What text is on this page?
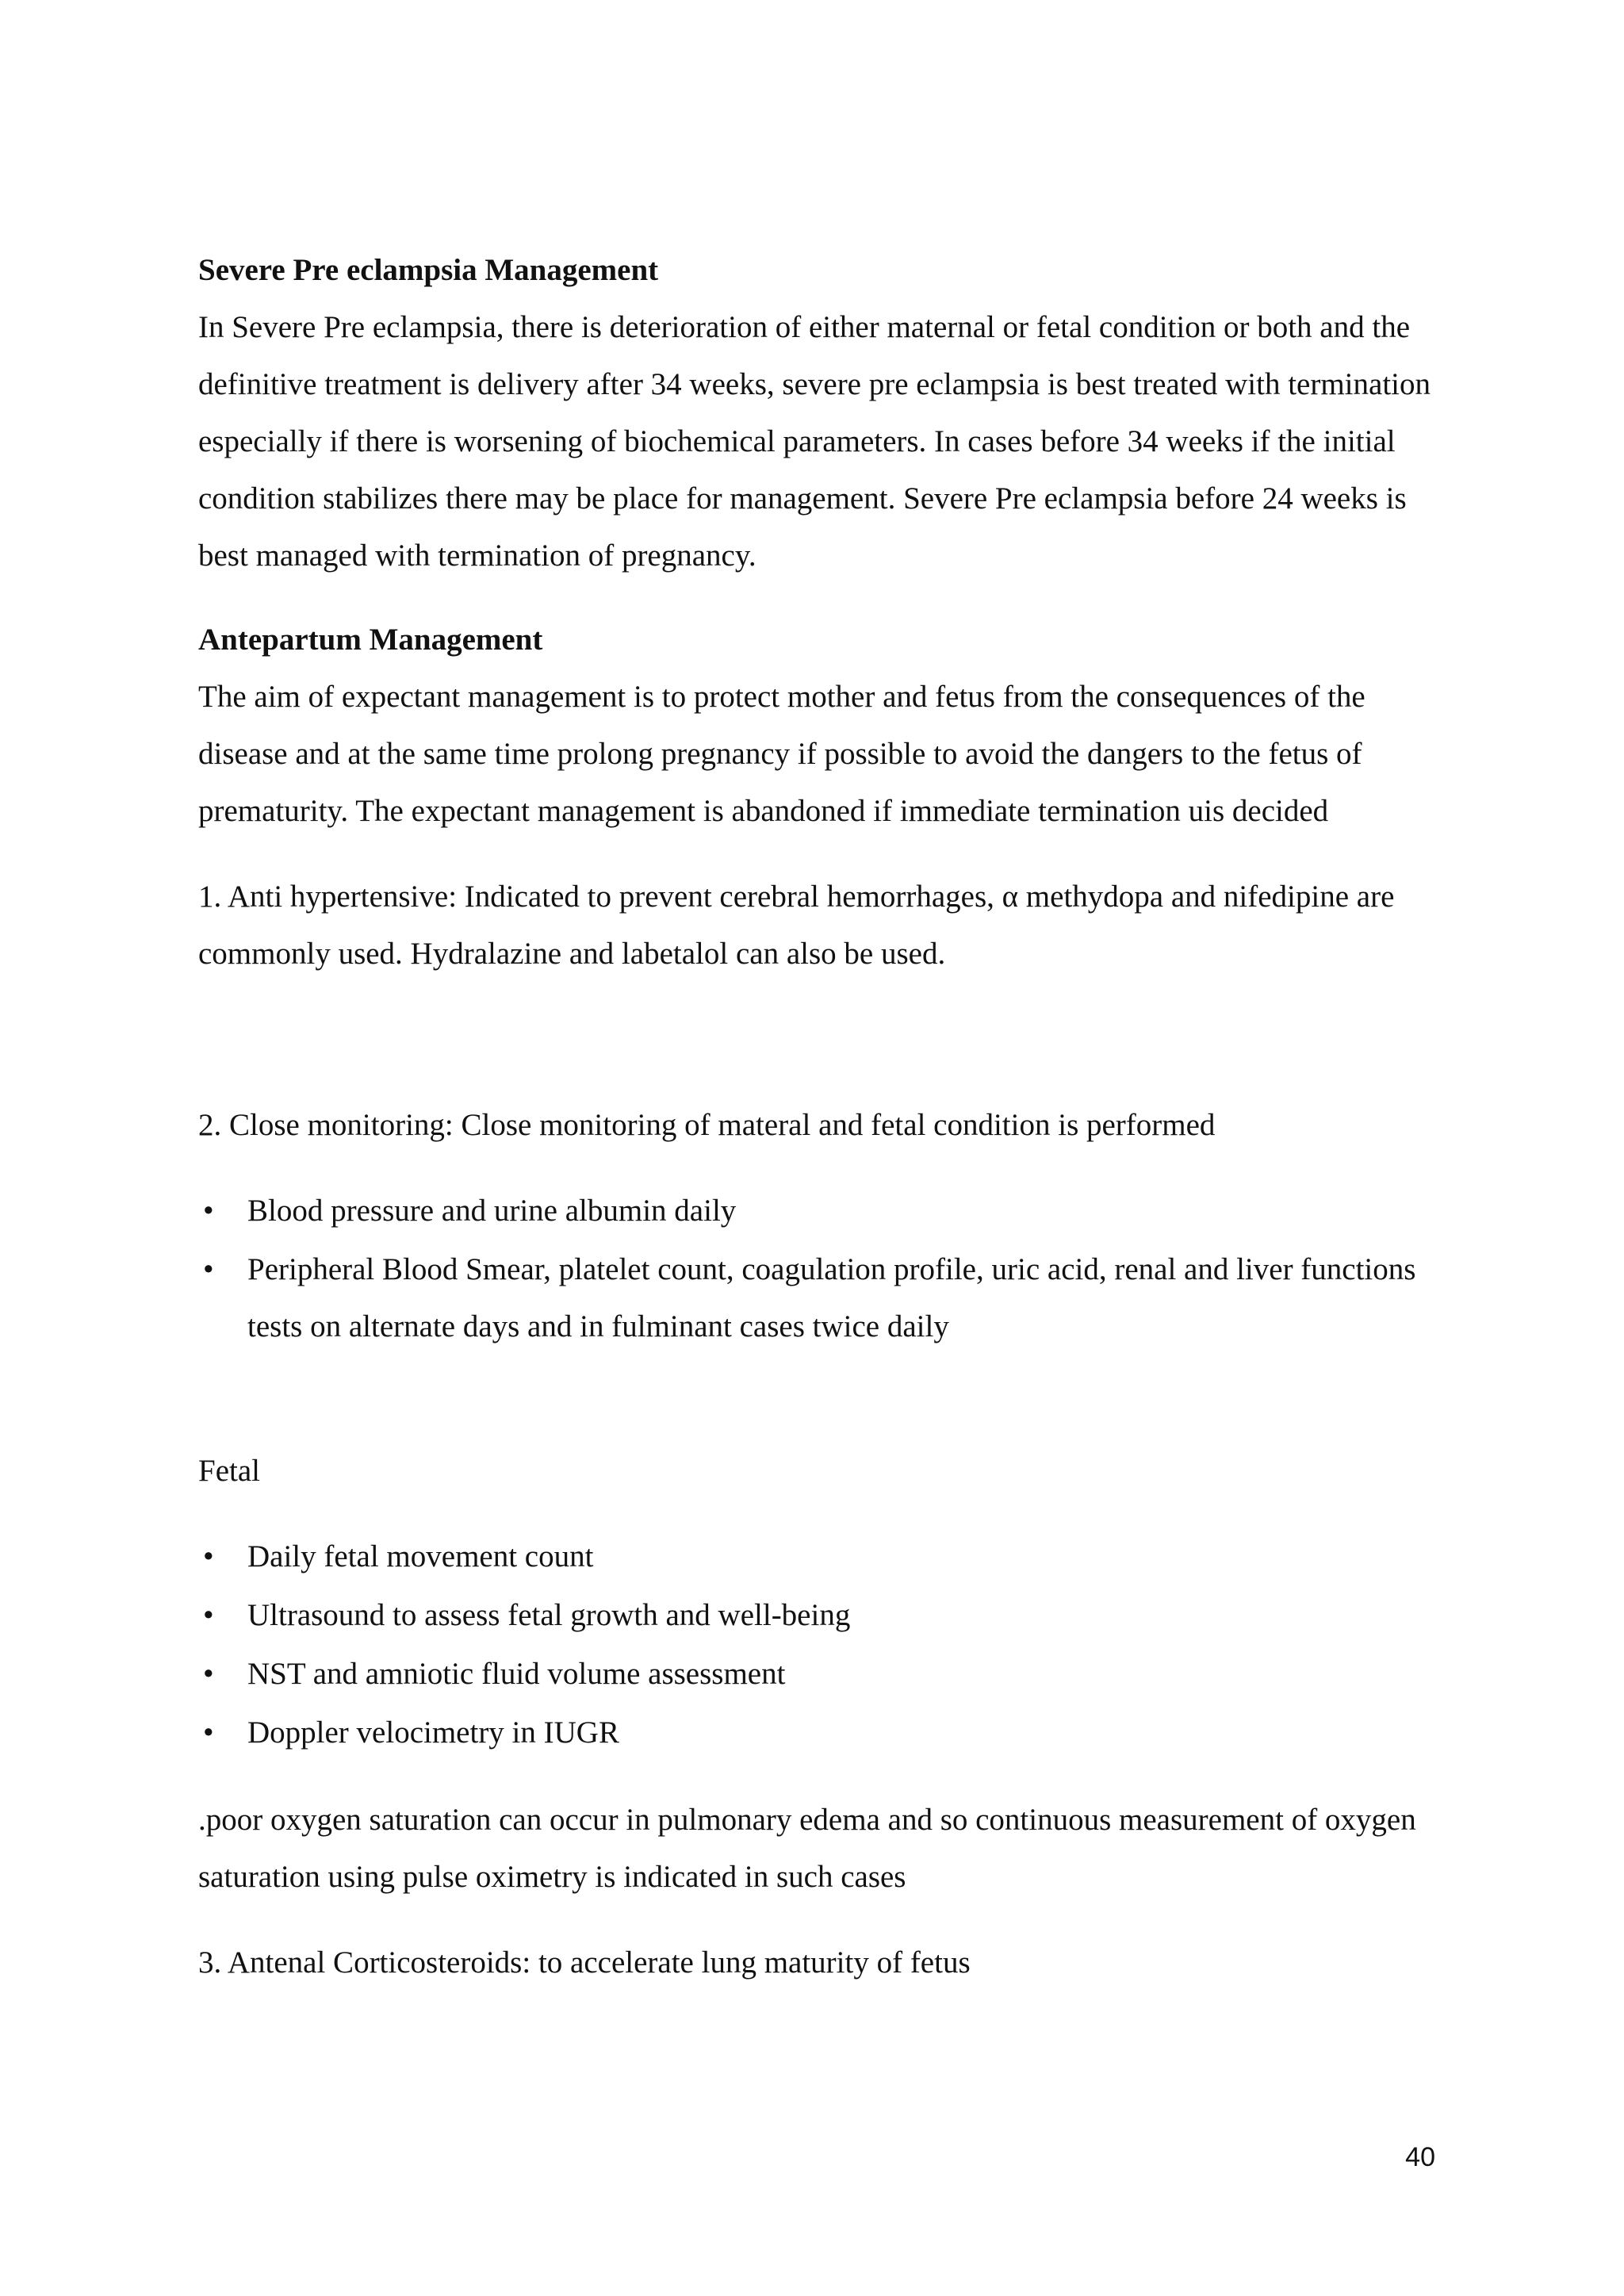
Severe Pre eclampsia Management

In Severe Pre eclampsia, there is deterioration of either maternal or fetal condition or both and the definitive treatment is delivery after 34 weeks, severe pre eclampsia is best treated with termination especially if there is worsening of biochemical parameters. In cases before 34 weeks if the initial condition stabilizes there may be place for management. Severe Pre eclampsia before 24 weeks is best managed with termination of pregnancy.

Antepartum Management

The aim of expectant management is to protect mother and fetus from the consequences of the disease and at the same time prolong pregnancy if possible to avoid the dangers to the fetus of prematurity. The expectant management is abandoned if immediate termination uis decided

1. Anti hypertensive: Indicated to prevent cerebral hemorrhages, α methydopa and nifedipine are commonly used. Hydralazine and labetalol can also be used.

2. Close monitoring: Close monitoring of materal and fetal condition is performed

•	Blood pressure and urine albumin daily
•	Peripheral Blood Smear, platelet count, coagulation profile, uric acid, renal and liver functions tests on alternate days and in fulminant cases twice daily

Fetal

•	Daily fetal movement count
•	Ultrasound to assess fetal growth and well-being
•	NST and amniotic fluid volume assessment
•	Doppler velocimetry in IUGR

.poor oxygen saturation can occur in pulmonary edema and so continuous measurement of oxygen saturation using pulse oximetry is indicated in such cases

3. Antenal Corticosteroids: to accelerate lung maturity of fetus

40
